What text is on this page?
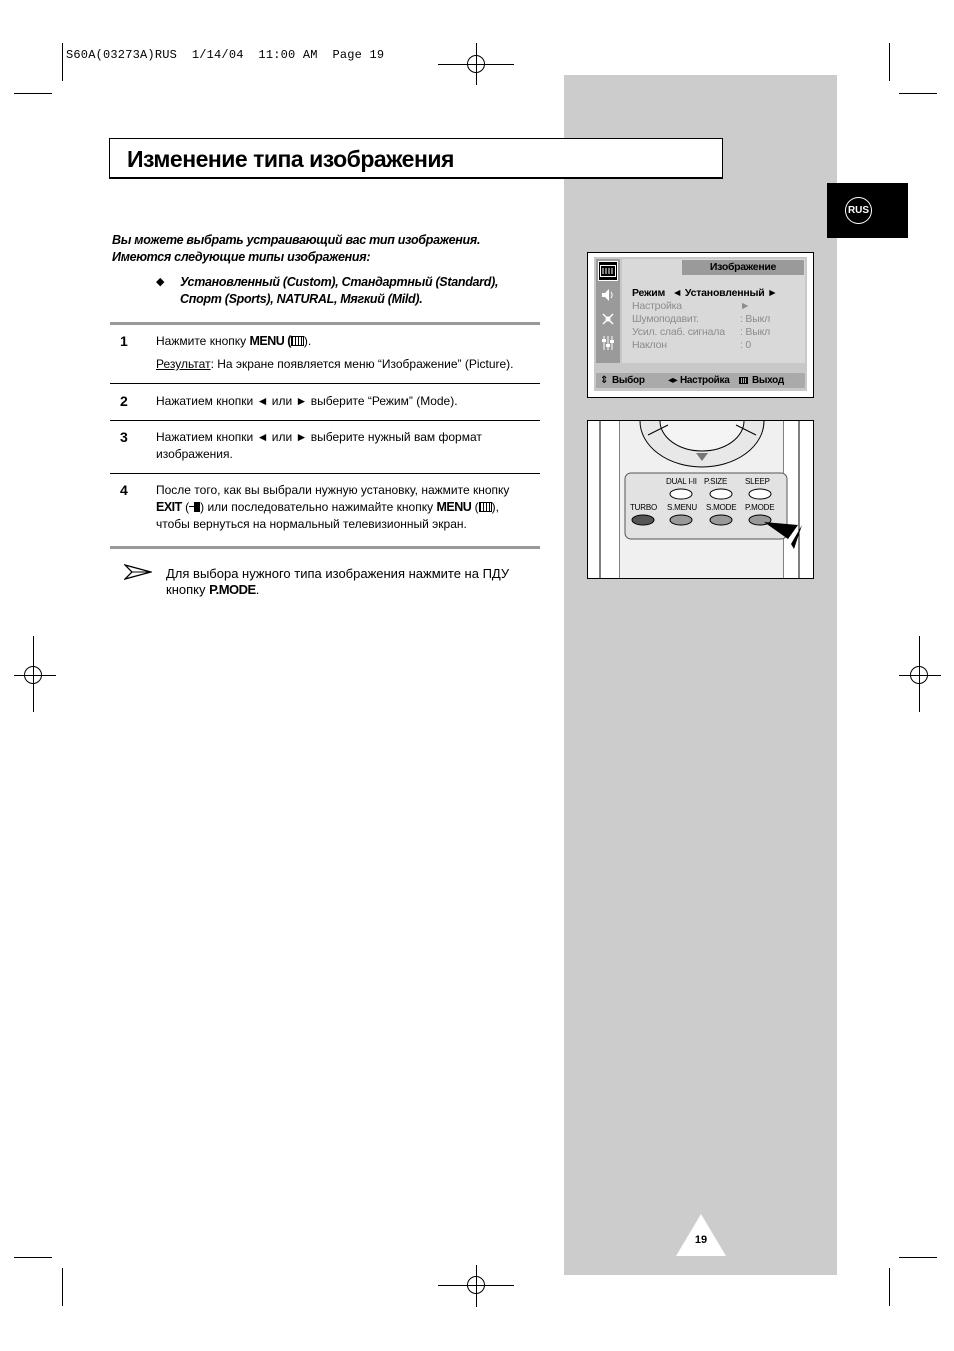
S60A(03273A)RUS  1/14/04  11:00 AM  Page 19
RUS
Изменение типа изображения
Вы можете выбрать устраивающий вас тип изображения. Имеются следующие типы изображения:
◆ Установленный (Custom), Стандартный (Standard), Спорт (Sports), NATURAL, Мягкий (Mild).
1 Нажмите кнопку MENU ( ).
Результат: На экране появляется меню “Изображение” (Picture).
2 Нажатием кнопки ◄ или ► выберите “Режим” (Mode).
3 Нажатием кнопки ◄ или ► выберите нужный вам формат изображения.
4 После того, как вы выбрали нужную установку, нажмите кнопку
EXIT ( ) или последовательно нажимайте кнопку MENU ( ),
чтобы вернуться на нормальный телевизионный экран.
Для выбора нужного типа изображения нажмите на ПДУ кнопку P.MODE.
Изображение
Режим ◄ Установленный ►
Настройка	►
Шумоподавит.	: Выкл
Усил. слаб. сигнала : Выкл
Наклон	: 0
⇕ Выбор ◂▸ Настройка Выход
DUAL I-II P.SIZE SLEEP
TURBO S.MENU S.MODE P.MODE
19
